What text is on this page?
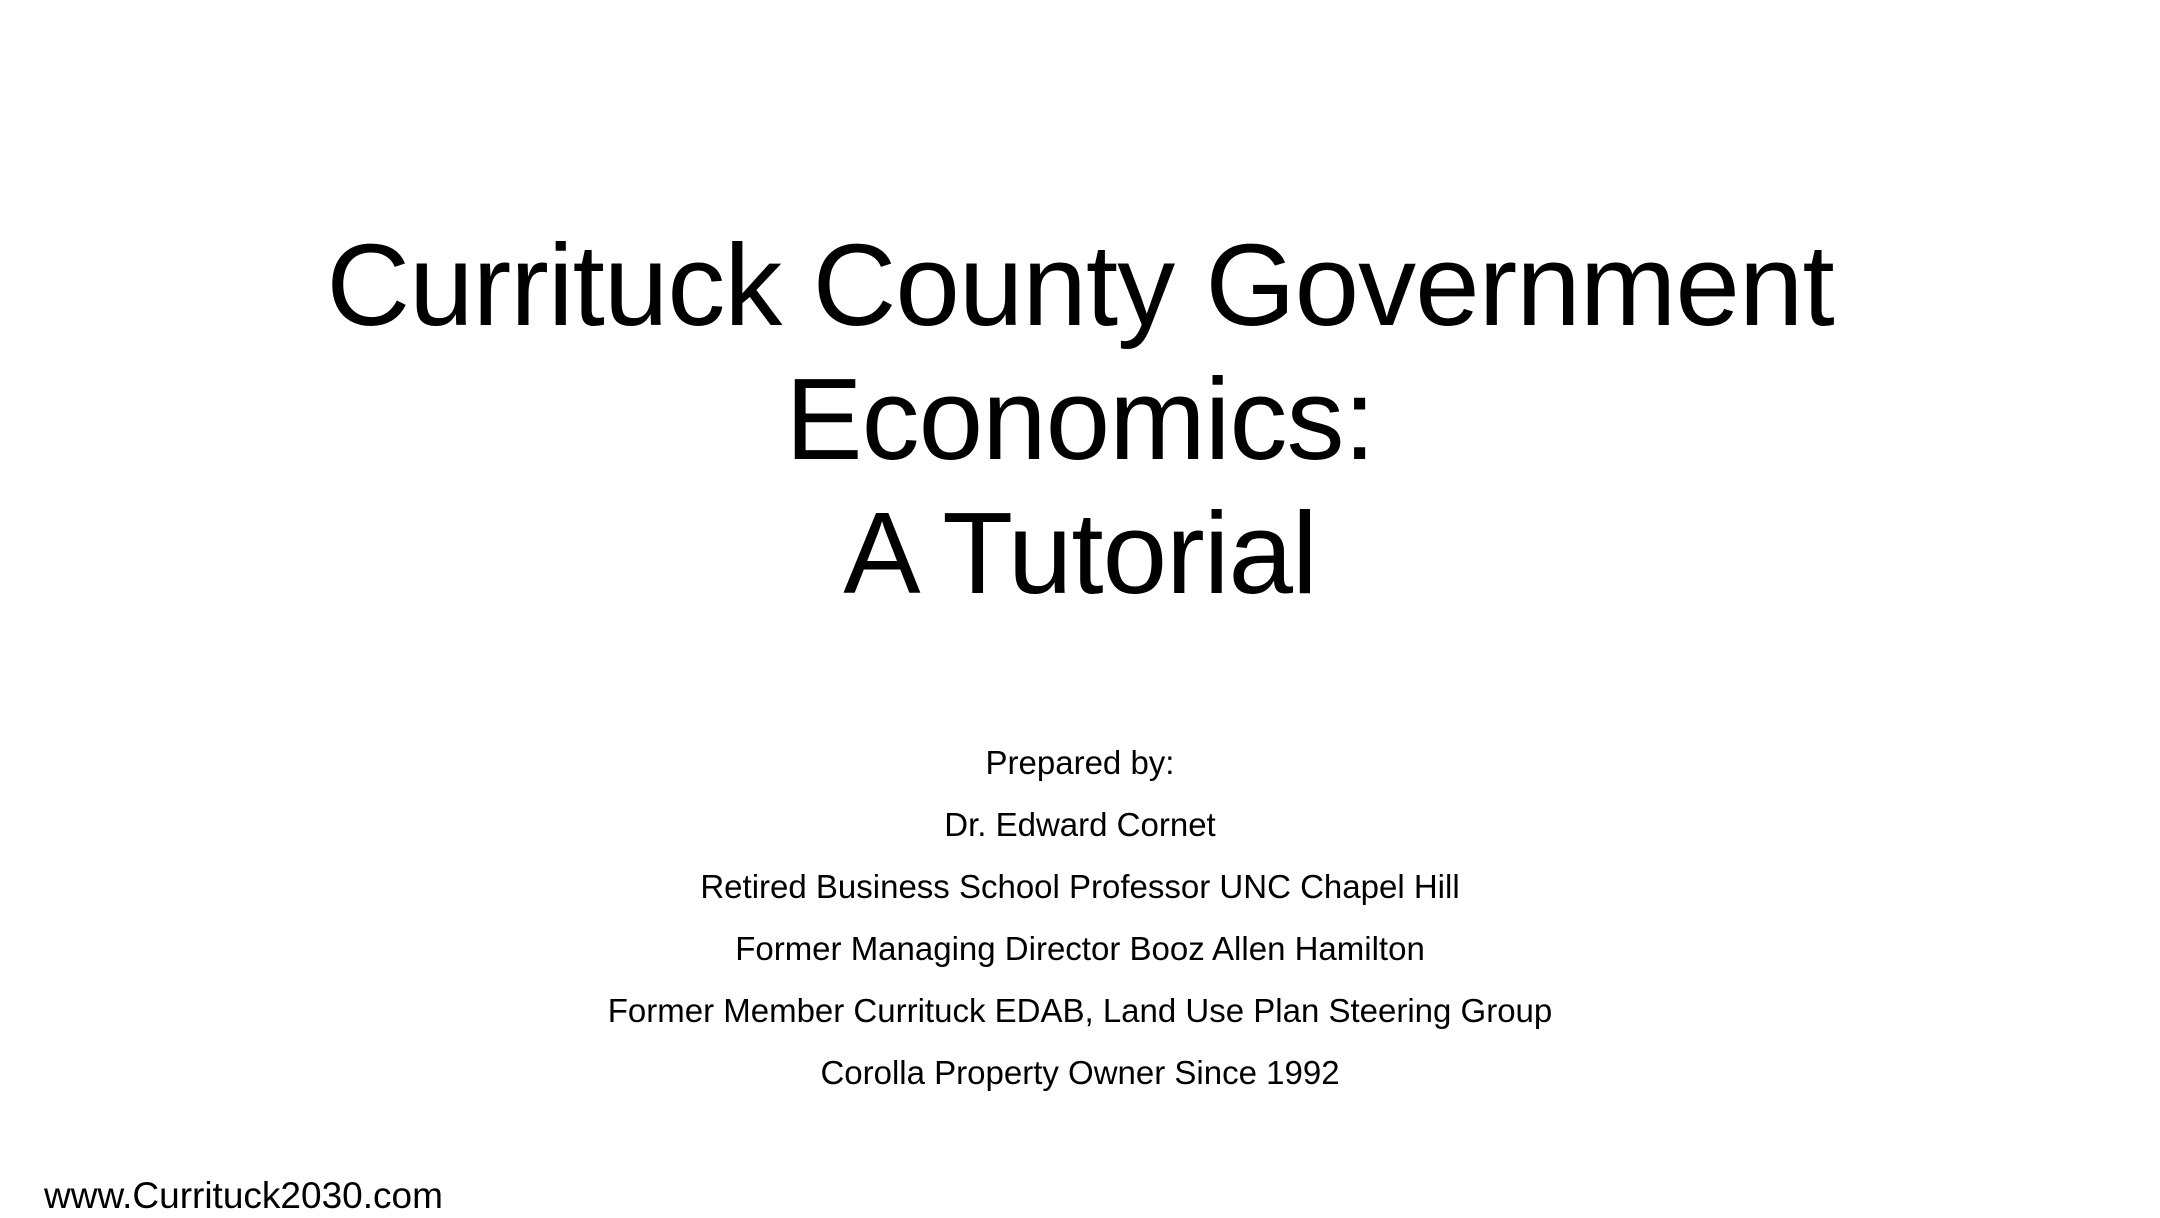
Currituck County Government
Economics:
A Tutorial
Prepared by:
Dr. Edward Cornet
Retired Business School Professor UNC Chapel Hill
Former Managing Director Booz Allen Hamilton
Former Member Currituck EDAB, Land Use Plan Steering Group
Corolla Property Owner Since 1992
www.Currituck2030.com
